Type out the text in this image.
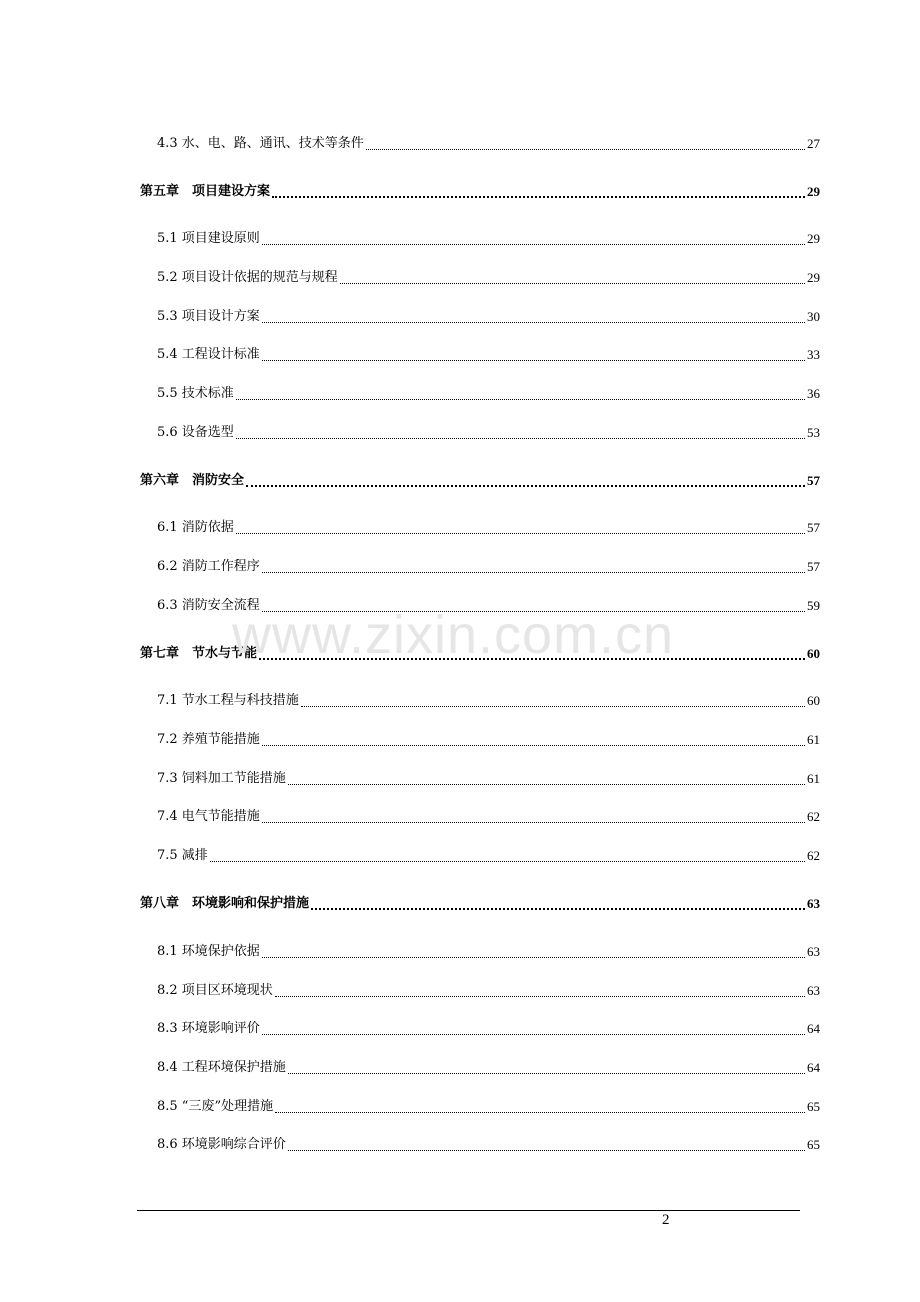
4.3 水、电、路、通讯、技术等条件	27
第五章　项目建设方案	29
5.1 项目建设原则	29
5.2 项目设计依据的规范与规程	29
5.3 项目设计方案	30
5.4 工程设计标准	33
5.5 技术标准	36
5.6 设备选型	53
第六章　消防安全	57
6.1 消防依据	57
6.2 消防工作程序	57
6.3 消防安全流程	59
第七章　节水与节能	60
7.1 节水工程与科技措施	60
7.2 养殖节能措施	61
7.3 饲料加工节能措施	61
7.4 电气节能措施	62
7.5 减排	62
第八章　环境影响和保护措施	63
8.1 环境保护依据	63
8.2 项目区环境现状	63
8.3 环境影响评价	64
8.4 工程环境保护措施	64
8.5 “三废”处理措施	65
8.6 环境影响综合评价	65
www.zixin.com.cn
2
